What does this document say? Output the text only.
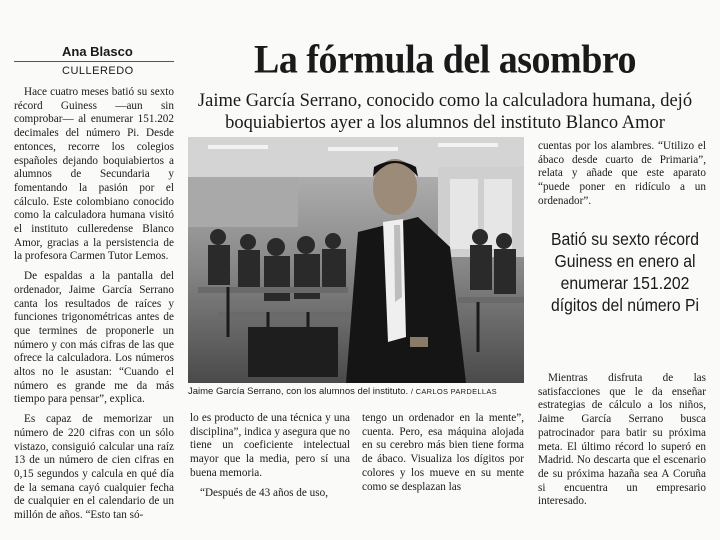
Ana Blasco
CULLEREDO	La fórmula del asombro
Jaime García Serrano, conocido como la calculadora humana, dejó boquiabiertos ayer a los alumnos del instituto Blanco Amor

Hace cuatro meses batió su sexto récord Guiness —aun sin comprobar— al enumerar 151.202 decimales del número Pi. Desde entonces, recorre los colegios españoles dejando boquiabiertos a alumnos de Secundaria y fomentando la pasión por el cálculo. Este colombiano conocido como la calculadora humana visitó el instituto culleredense Blanco Amor, gracias a la persistencia de la profesora Carmen Tutor Lemos.

De espaldas a la pantalla del ordenador, Jaime García Serrano canta los resultados de raíces y funciones trigonométricas antes de que termines de proponerle un número y con más cifras de las que ofrece la calculadora. Los números altos no le asustan: “Cuando el número es grande me da más tiempo para pensar”, explica.

Es capaz de memorizar un número de 220 cifras con un sólo vistazo, consiguió calcular una raíz 13 de un número de cien cifras en 0,15 segundos y calcula en qué día de la semana cayó cualquier fecha de cualquier en el calendario de un millón de años. “Esto tan só-

Jaime García Serrano, con los alumnos del instituto. / CARLOS PARDELLAS

lo es producto de una técnica y una disciplina”, indica y asegura que no tiene un coeficiente intelectual mayor que la media, pero sí una buena memoria.

“Después de 43 años de uso,

tengo un ordenador en la mente”, cuenta. Pero, esa máquina alojada en su cerebro más bien tiene forma de ábaco. Visualiza los dígitos por colores y los mueve en su mente como se desplazan las

cuentas por los alambres. “Utilizo el ábaco desde cuarto de Primaria”, relata y añade que este aparato “puede poner en ridículo a un ordenador”.

Batió su sexto récord Guiness en enero al enumerar 151.202 dígitos del número Pi

Mientras disfruta de las satisfacciones que le da enseñar estrategias de cálculo a los niños, Jaime García Serrano busca patrocinador para batir su próxima meta. El último récord lo superó en Madrid. No descarta que el escenario de su próxima hazaña sea A Coruña si encuentra un empresario interesado.
